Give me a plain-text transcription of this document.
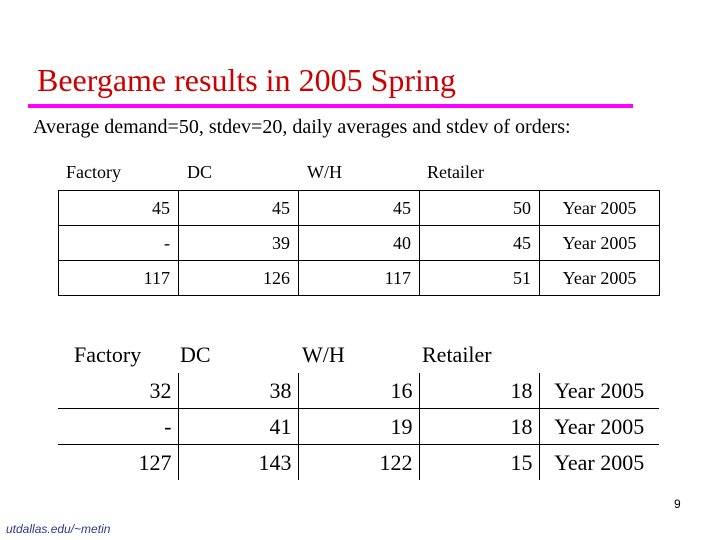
Beergame results in 2005 Spring
Average demand=50, stdev=20, daily averages and stdev of orders:
Factory	DC	W/H	Retailer
45	45	45	50	Year 2005
-	39	40	45	Year 2005
117	126	117	51	Year 2005
Factory DC	W/H	Retailer
32	38	16	18	Year 2005
-	41	19	18	Year 2005
127	143	122	15	Year 2005
9
utdallas.edu/~metin
